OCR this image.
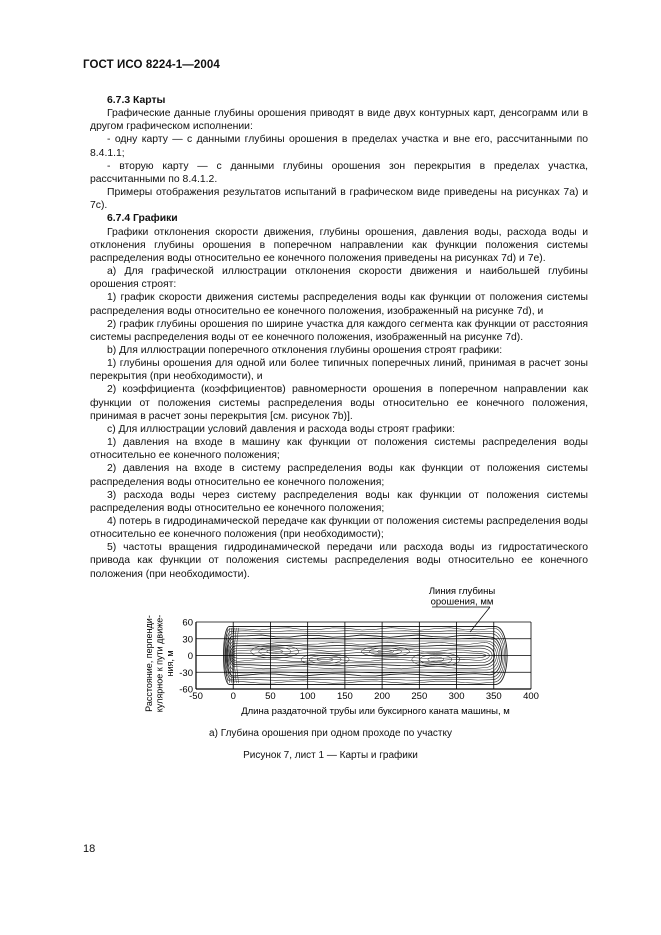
ГОСТ ИСО 8224-1—2004

6.7.3 Карты

Графические данные глубины орошения приводят в виде двух контурных карт, денсограмм или в другом графическом исполнении:

- одну карту — с данными глубины орошения в пределах участка и вне его, рассчитанными по 8.4.1.1;

- вторую карту — с данными глубины орошения зон перекрытия в пределах участка, рассчитанными по 8.4.1.2.

Примеры отображения результатов испытаний в графическом виде приведены на рисунках 7а) и 7с).

6.7.4 Графики

Графики отклонения скорости движения, глубины орошения, давления воды, расхода воды и отклонения глубины орошения в поперечном направлении как функции положения системы распределения воды относительно ее конечного положения приведены на рисунках 7d) и 7е).

a) Для графической иллюстрации отклонения скорости движения и наибольшей глубины орошения строят:

1) график скорости движения системы распределения воды как функции от положения системы распределения воды относительно ее конечного положения, изображенный на рисунке 7d), и

2) график глубины орошения по ширине участка для каждого сегмента как функции от расстояния системы распределения воды от ее конечного положения, изображенный на рисунке 7d).

b) Для иллюстрации поперечного отклонения глубины орошения строят графики:

1) глубины орошения для одной или более типичных поперечных линий, принимая в расчет зоны перекрытия (при необходимости), и

2) коэффициента (коэффициентов) равномерности орошения в поперечном направлении как функции от положения системы распределения воды относительно ее конечного положения, принимая в расчет зоны перекрытия [см. рисунок 7b)].

с) Для иллюстрации условий давления и расхода воды строят графики:

1) давления на входе в машину как функции от положения системы распределения воды относительно ее конечного положения;

2) давления на входе в систему распределения воды как функции от положения системы распределения воды относительно ее конечного положения;

3) расхода воды через систему распределения воды как функции от положения системы распределения воды относительно ее конечного положения;

4) потерь в гидродинамической передаче как функции от положения системы распределения воды относительно ее конечного положения (при необходимости);

5) частоты вращения гидродинамической передачи или расхода воды из гидростатического привода как функции от положения системы распределения воды относительно ее конечного положения (при необходимости).

-50	0	50	100 150 200 250 300 350 400
60
30
0
-30
-60
Длина раздаточной трубы или буксирного каната машины, м
Расстояние, перпенди- кулярное к пути движе- ния, м
Линия глубины
орошения, мм
а) Глубина орошения при одном проходе по участку
Рисунок 7, лист 1 — Карты и графики
18
